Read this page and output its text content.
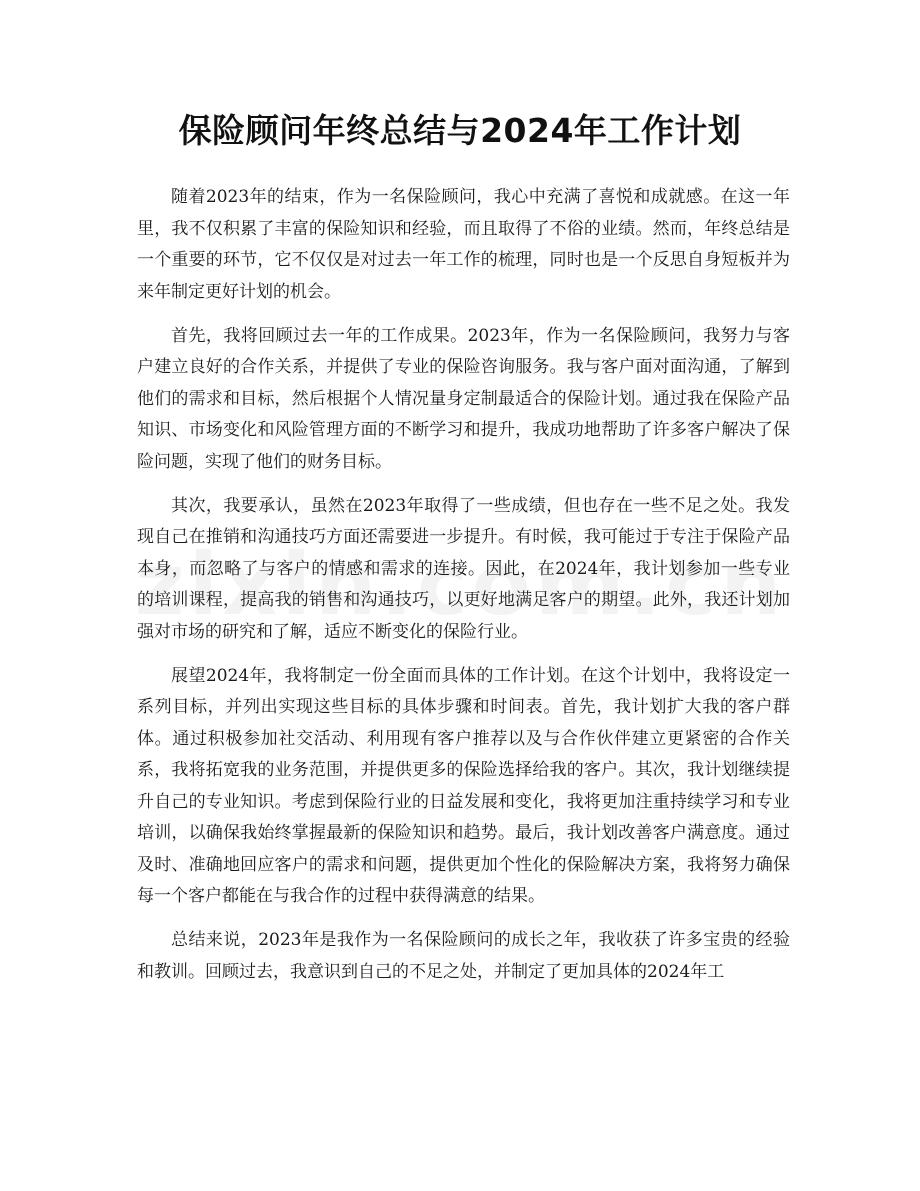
保险顾问年终总结与2024年工作计划

随着2023年的结束，作为一名保险顾问，我心中充满了喜悦和成就感。在这一年里，我不仅积累了丰富的保险知识和经验，而且取得了不俗的业绩。然而，年终总结是一个重要的环节，它不仅仅是对过去一年工作的梳理，同时也是一个反思自身短板并为来年制定更好计划的机会。

首先，我将回顾过去一年的工作成果。2023年，作为一名保险顾问，我努力与客户建立良好的合作关系，并提供了专业的保险咨询服务。我与客户面对面沟通，了解到他们的需求和目标，然后根据个人情况量身定制最适合的保险计划。通过我在保险产品知识、市场变化和风险管理方面的不断学习和提升，我成功地帮助了许多客户解决了保险问题，实现了他们的财务目标。

其次，我要承认，虽然在2023年取得了一些成绩，但也存在一些不足之处。我发现自己在推销和沟通技巧方面还需要进一步提升。有时候，我可能过于专注于保险产品本身，而忽略了与客户的情感和需求的连接。因此，在2024年，我计划参加一些专业的培训课程，提高我的销售和沟通技巧，以更好地满足客户的期望。此外，我还计划加强对市场的研究和了解，适应不断变化的保险行业。

展望2024年，我将制定一份全面而具体的工作计划。在这个计划中，我将设定一系列目标，并列出实现这些目标的具体步骤和时间表。首先，我计划扩大我的客户群体。通过积极参加社交活动、利用现有客户推荐以及与合作伙伴建立更紧密的合作关系，我将拓宽我的业务范围，并提供更多的保险选择给我的客户。其次，我计划继续提升自己的专业知识。考虑到保险行业的日益发展和变化，我将更加注重持续学习和专业培训，以确保我始终掌握最新的保险知识和趋势。最后，我计划改善客户满意度。通过及时、准确地回应客户的需求和问题，提供更加个性化的保险解决方案，我将努力确保每一个客户都能在与我合作的过程中获得满意的结果。

总结来说，2023年是我作为一名保险顾问的成长之年，我收获了许多宝贵的经验和教训。回顾过去，我意识到自己的不足之处，并制定了更加具体的2024年工
